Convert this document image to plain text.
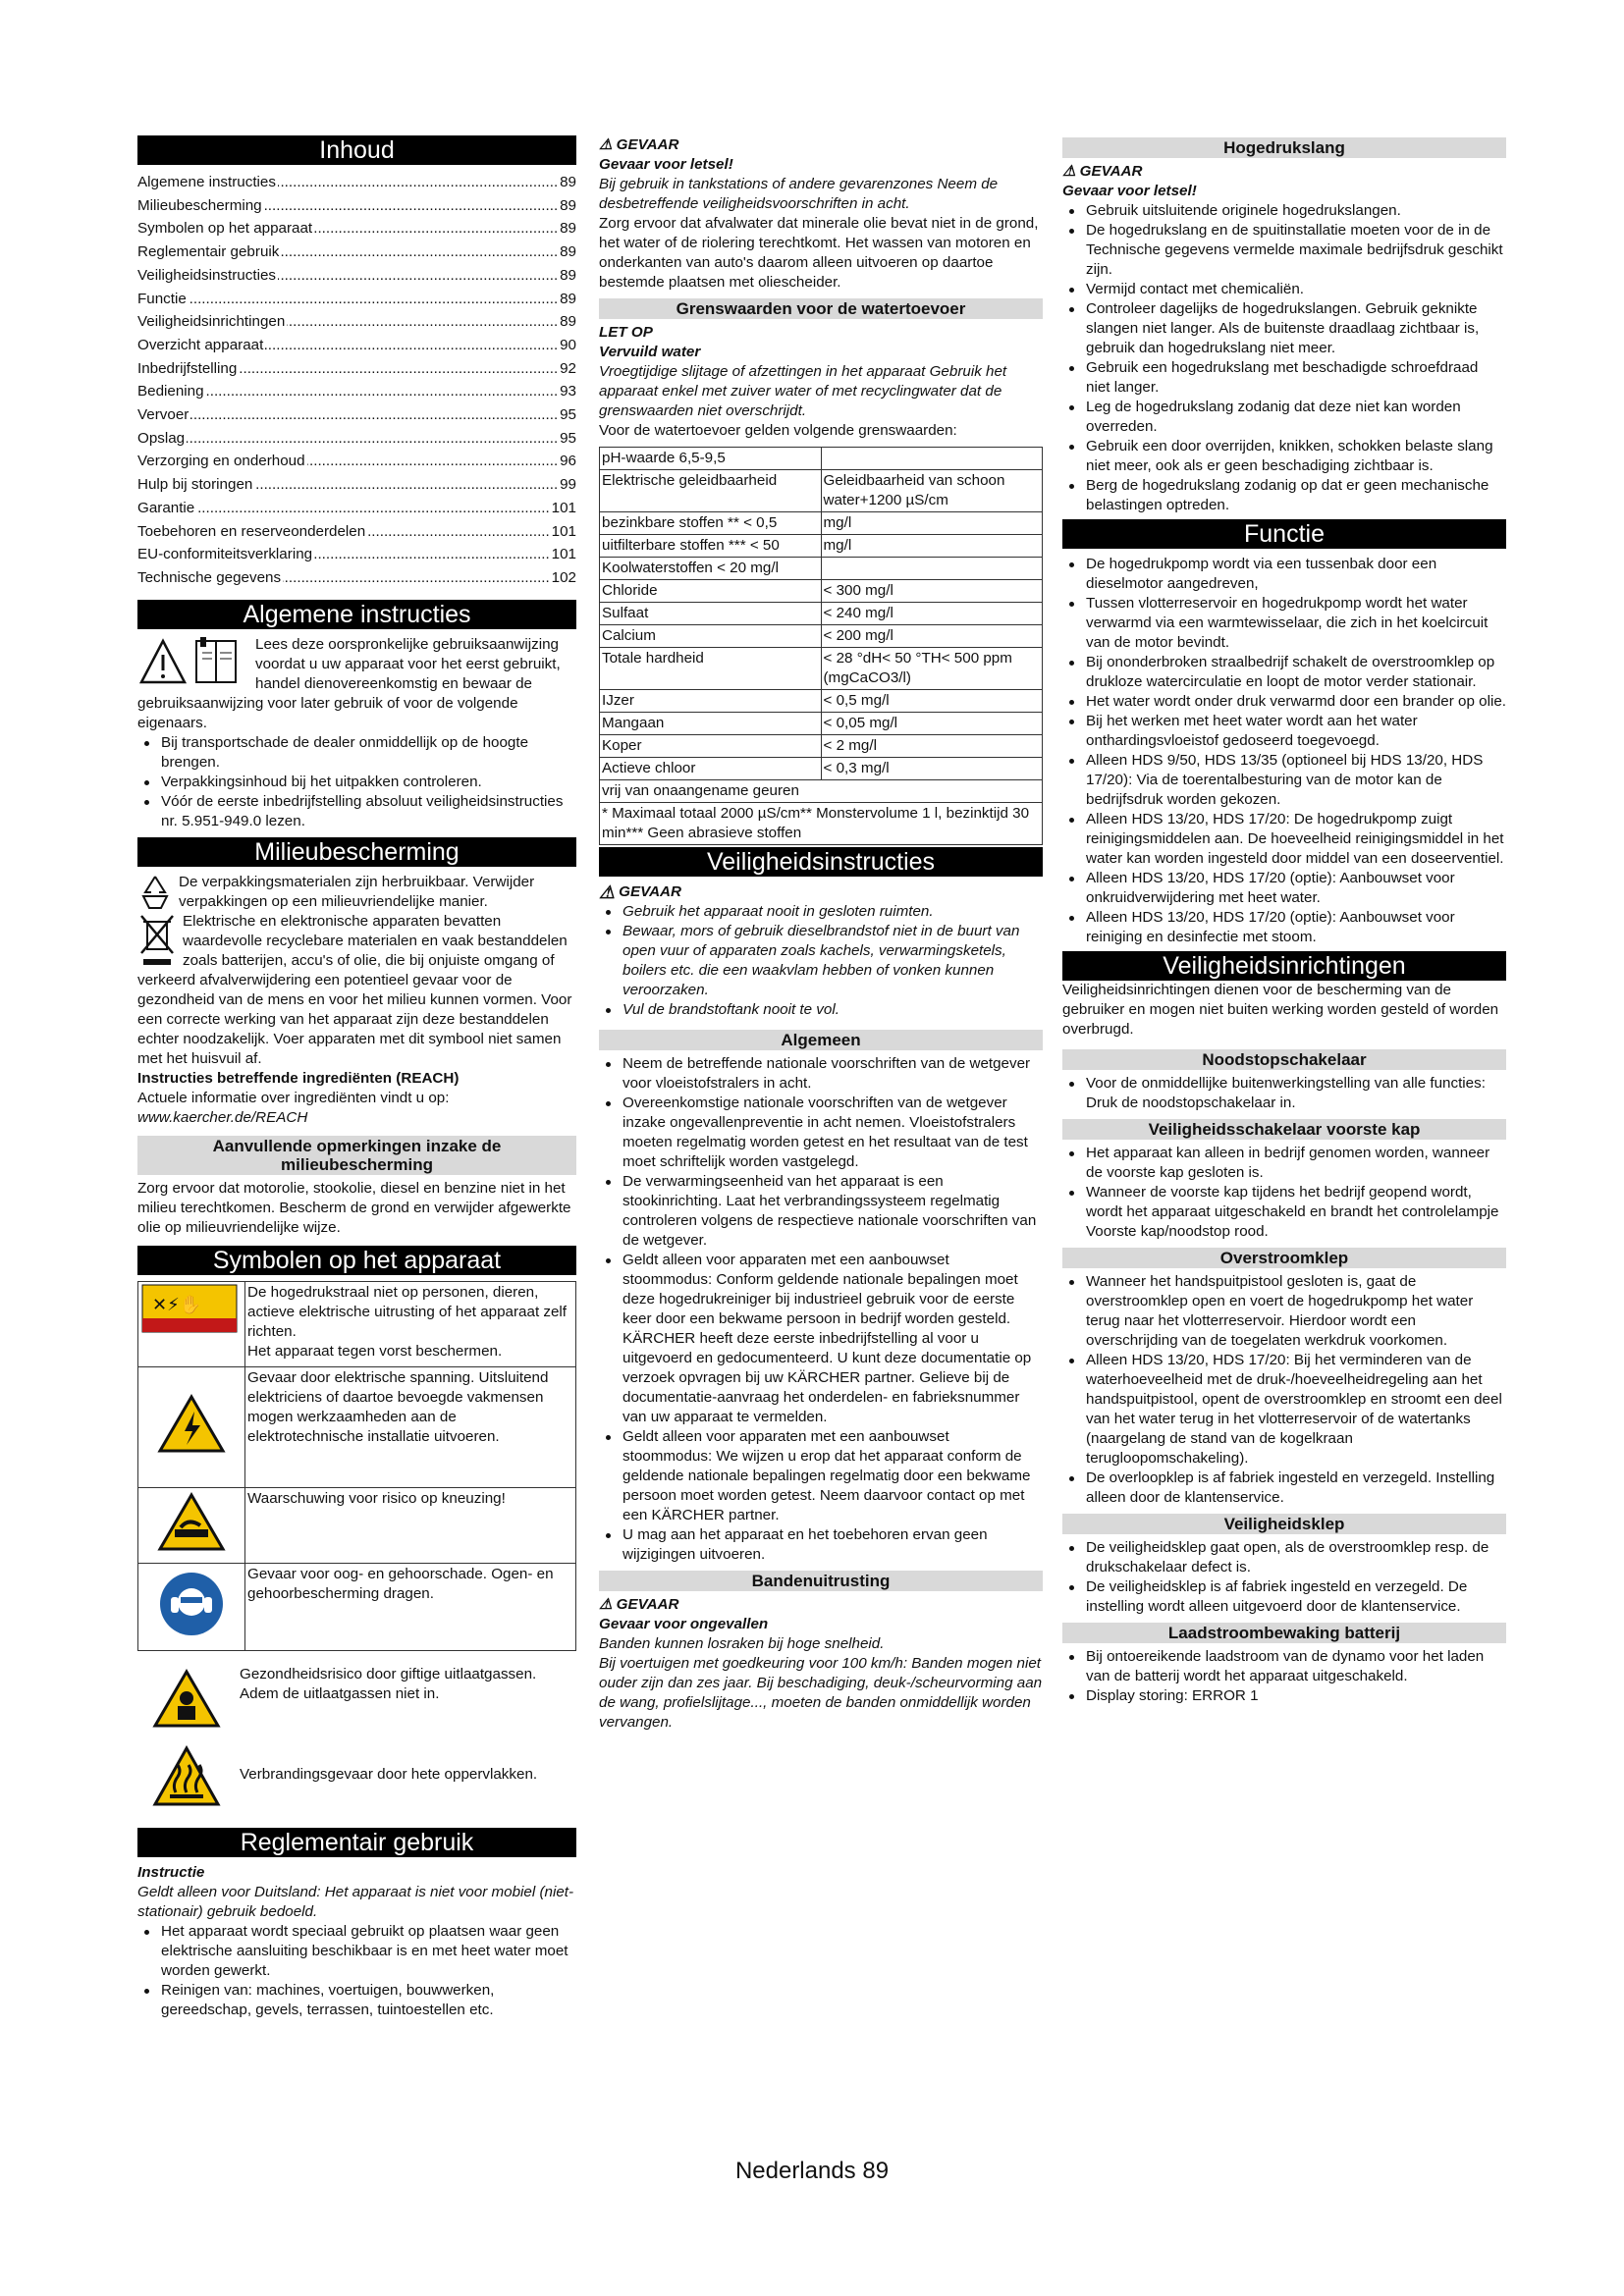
Inhoud
Algemene instructies .....	89
Milieubescherming .....	89
Symbolen op het apparaat .....	89
Reglementair gebruik .....	89
Veiligheidsinstructies .....	89
Functie .....	89
Veiligheidsinrichtingen .....	89
Overzicht apparaat .....	90
Inbedrijfstelling .....	92
Bediening .....	93
Vervoer .....	95
Opslag .....	95
Verzorging en onderhoud .....	96
Hulp bij storingen .....	99
Garantie .....	101
Toebehoren en reserveonderdelen .....	101
EU-conformiteitsverklaring .....	101
Technische gegevens .....	102
Algemene instructies

Lees deze oorspronkelijke gebruiksaanwijzing voordat u uw apparaat voor het eerst gebruikt, handel dienovereenkomstig en bewaar de gebruiksaanwijzing voor later gebruik of voor de volgende eigenaars.

Bij transportschade de dealer onmiddellijk op de hoogte brengen.
Verpakkingsinhoud bij het uitpakken controleren.
Vóór de eerste inbedrijfstelling absoluut veiligheidsinstructies nr. 5.951-949.0 lezen.
Milieubescherming

De verpakkingsmaterialen zijn herbruikbaar. Verwijder verpakkingen op een milieuvriendelijke manier.

Elektrische en elektronische apparaten bevatten waardevolle recyclebare materialen en vaak bestanddelen zoals batterijen, accu's of olie, die bij onjuiste omgang of verkeerd afvalverwijdering een potentieel gevaar voor de gezondheid van de mens en voor het milieu kunnen vormen. Voor een correcte werking van het apparaat zijn deze bestanddelen echter noodzakelijk. Voer apparaten met dit symbool niet samen met het huisvuil af.

Instructies betreffende ingrediënten (REACH)

Actuele informatie over ingrediënten vindt u op:

www.kaercher.de/REACH

Aanvullende opmerkingen inzake de milieubescherming

Zorg ervoor dat motorolie, stookolie, diesel en benzine niet in het milieu terechtkomen. Bescherm de grond en verwijder afgewerkte olie op milieuvriendelijke wijze.

Symbolen op het apparaat
✕⚡✋	De hogedrukstraal niet op personen, dieren, actieve elektrische uitrusting of het apparaat zelf richten.
Het apparaat tegen vorst beschermen.
	Gevaar door elektrische spanning. Uitsluitend elektriciens of daartoe bevoegde vakmensen mogen werkzaamheden aan de elektrotechnische installatie uitvoeren.
	Waarschuwing voor risico op kneuzing!
	Gevaar voor oog- en gehoorschade. Ogen- en gehoorbescherming dragen.

Gezondheidsrisico door giftige uitlaatgassen. Adem de uitlaatgassen niet in.

Verbrandingsgevaar door hete oppervlakken.

Reglementair gebruik

Instructie

Geldt alleen voor Duitsland: Het apparaat is niet voor mobiel (niet-stationair) gebruik bedoeld.

Het apparaat wordt speciaal gebruikt op plaatsen waar geen elektrische aansluiting beschikbaar is en met heet water moet worden gewerkt.
Reinigen van: machines, voertuigen, bouwwerken, gereedschap, gevels, terrassen, tuintoestellen etc.

⚠ GEVAAR

Gevaar voor letsel!

Bij gebruik in tankstations of andere gevarenzones Neem de desbetreffende veiligheidsvoorschriften in acht.

Zorg ervoor dat afvalwater dat minerale olie bevat niet in de grond, het water of de riolering terechtkomt. Het wassen van motoren en onderkanten van auto's daarom alleen uitvoeren op daartoe bestemde plaatsen met oliescheider.

Grenswaarden voor de watertoevoer

LET OP

Vervuild water

Vroegtijdige slijtage of afzettingen in het apparaat Gebruik het apparaat enkel met zuiver water of met recyclingwater dat de grenswaarden niet overschrijdt.

Voor de watertoevoer gelden volgende grenswaarden:

pH-waarde 6,5-9,5	
Elektrische geleidbaarheid	Geleidbaarheid van schoon water+1200 µS/cm
bezinkbare stoffen ** < 0,5	mg/l
uitfilterbare stoffen *** < 50	mg/l
Koolwaterstoffen < 20 mg/l	
Chloride	< 300 mg/l
Sulfaat	< 240 mg/l
Calcium	< 200 mg/l
Totale hardheid	< 28 °dH< 50 °TH< 500 ppm (mgCaCO3/l)
IJzer	< 0,5 mg/l
Mangaan	< 0,05 mg/l
Koper	< 2 mg/l
Actieve chloor	< 0,3 mg/l
vrij van onaangename geuren	
* Maximaal totaal 2000 µS/cm** Monstervolume 1 l, bezinktijd 30 min*** Geen abrasieve stoffen	
Veiligheidsinstructies

⚠ GEVAAR

Gebruik het apparaat nooit in gesloten ruimten.
Bewaar, mors of gebruik dieselbrandstof niet in de buurt van open vuur of apparaten zoals kachels, verwarmingsketels, boilers etc. die een waakvlam hebben of vonken kunnen veroorzaken.
Vul de brandstoftank nooit te vol.
Algemeen
Neem de betreffende nationale voorschriften van de wetgever voor vloeistofstralers in acht.
Overeenkomstige nationale voorschriften van de wetgever inzake ongevallenpreventie in acht nemen. Vloeistofstralers moeten regelmatig worden getest en het resultaat van de test moet schriftelijk worden vastgelegd.
De verwarmingseenheid van het apparaat is een stookinrichting. Laat het verbrandingssysteem regelmatig controleren volgens de respectieve nationale voorschriften van de wetgever.
Geldt alleen voor apparaten met een aanbouwset stoommodus: Conform geldende nationale bepalingen moet deze hogedrukreiniger bij industrieel gebruik voor de eerste keer door een bekwame persoon in bedrijf worden gesteld. KÄRCHER heeft deze eerste inbedrijfstelling al voor u uitgevoerd en gedocumenteerd. U kunt deze documentatie op verzoek opvragen bij uw KÄRCHER partner. Gelieve bij de documentatie-aanvraag het onderdelen- en fabrieksnummer van uw apparaat te vermelden.
Geldt alleen voor apparaten met een aanbouwset stoommodus: We wijzen u erop dat het apparaat conform de geldende nationale bepalingen regelmatig door een bekwame persoon moet worden getest. Neem daarvoor contact op met een KÄRCHER partner.
U mag aan het apparaat en het toebehoren ervan geen wijzigingen uitvoeren.
Bandenuitrusting

⚠ GEVAAR

Gevaar voor ongevallen

Banden kunnen losraken bij hoge snelheid.
Bij voertuigen met goedkeuring voor 100 km/h: Banden mogen niet ouder zijn dan zes jaar. Bij beschadiging, deuk-/scheurvorming aan de wang, profielslijtage..., moeten de banden onmiddellijk worden vervangen.

Hogedrukslang

⚠ GEVAAR

Gevaar voor letsel!

Gebruik uitsluitende originele hogedrukslangen.
De hogedrukslang en de spuitinstallatie moeten voor de in de Technische gegevens vermelde maximale bedrijfsdruk geschikt zijn.
Vermijd contact met chemicaliën.
Controleer dagelijks de hogedrukslangen. Gebruik geknikte slangen niet langer. Als de buitenste draadlaag zichtbaar is, gebruik dan hogedrukslang niet meer.
Gebruik een hogedrukslang met beschadigde schroefdraad niet langer.
Leg de hogedrukslang zodanig dat deze niet kan worden overreden.
Gebruik een door overrijden, knikken, schokken belaste slang niet meer, ook als er geen beschadiging zichtbaar is.
Berg de hogedrukslang zodanig op dat er geen mechanische belastingen optreden.
Functie
De hogedrukpomp wordt via een tussenbak door een dieselmotor aangedreven,
Tussen vlotterreservoir en hogedrukpomp wordt het water verwarmd via een warmtewisselaar, die zich in het koelcircuit van de motor bevindt.
Bij ononderbroken straalbedrijf schakelt de overstroomklep op drukloze watercirculatie en loopt de motor verder stationair.
Het water wordt onder druk verwarmd door een brander op olie.
Bij het werken met heet water wordt aan het water onthardingsvloeistof gedoseerd toegevoegd.
Alleen HDS 9/50, HDS 13/35 (optioneel bij HDS 13/20, HDS 17/20): Via de toerentalbesturing van de motor kan de bedrijfsdruk worden gekozen.
Alleen HDS 13/20, HDS 17/20: De hogedrukpomp zuigt reinigingsmiddelen aan. De hoeveelheid reinigingsmiddel in het water kan worden ingesteld door middel van een doseerventiel.
Alleen HDS 13/20, HDS 17/20 (optie): Aanbouwset voor onkruidverwijdering met heet water.
Alleen HDS 13/20, HDS 17/20 (optie): Aanbouwset voor reiniging en desinfectie met stoom.
Veiligheidsinrichtingen

Veiligheidsinrichtingen dienen voor de bescherming van de gebruiker en mogen niet buiten werking worden gesteld of worden overbrugd.

Noodstopschakelaar
Voor de onmiddellijke buitenwerkingstelling van alle functies: Druk de noodstopschakelaar in.
Veiligheidsschakelaar voorste kap
Het apparaat kan alleen in bedrijf genomen worden, wanneer de voorste kap gesloten is.
Wanneer de voorste kap tijdens het bedrijf geopend wordt, wordt het apparaat uitgeschakeld en brandt het controlelampje Voorste kap/noodstop rood.
Overstroomklep
Wanneer het handspuitpistool gesloten is, gaat de overstroomklep open en voert de hogedrukpomp het water terug naar het vlotterreservoir. Hierdoor wordt een overschrijding van de toegelaten werkdruk voorkomen.
Alleen HDS 13/20, HDS 17/20: Bij het verminderen van de waterhoeveelheid met de druk-/hoeveelheidregeling aan het handspuitpistool, opent de overstroomklep en stroomt een deel van het water terug in het vlotterreservoir of de watertanks (naargelang de stand van de kogelkraan terugloopomschakeling).
De overloopklep is af fabriek ingesteld en verzegeld. Instelling alleen door de klantenservice.
Veiligheidsklep
De veiligheidsklep gaat open, als de overstroomklep resp. de drukschakelaar defect is.
De veiligheidsklep is af fabriek ingesteld en verzegeld. De instelling wordt alleen uitgevoerd door de klantenservice.
Laadstroombewaking batterij
Bij ontoereikende laadstroom van de dynamo voor het laden van de batterij wordt het apparaat uitgeschakeld.
Display storing: ERROR 1
Nederlands 89
